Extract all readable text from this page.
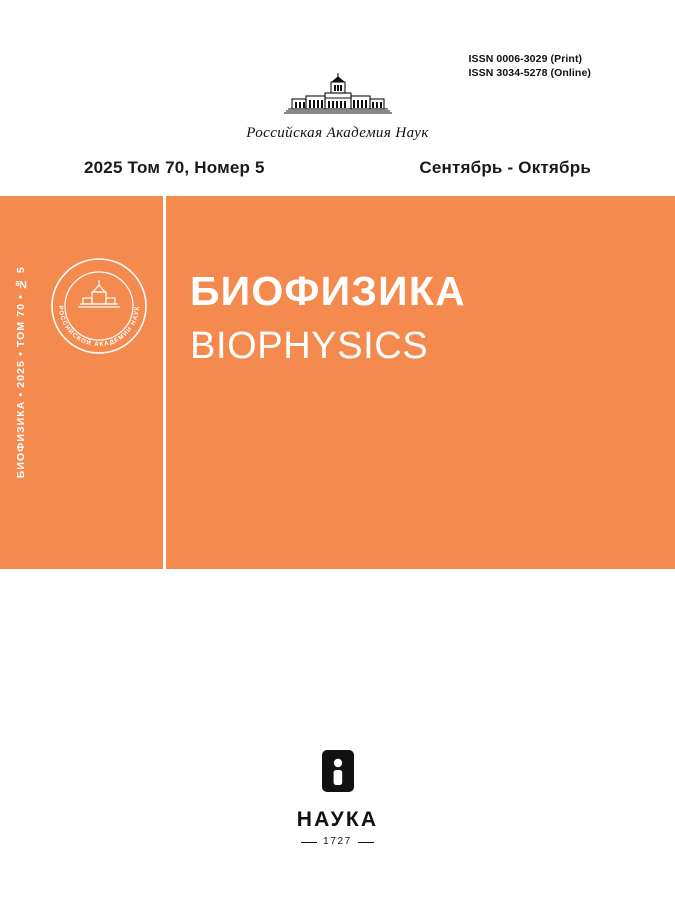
ISSN 0006-3029 (Print)
ISSN 3034-5278 (Online)
Российская Академия Наук
2025 Том 70, Номер 5	Сентябрь - Октябрь
БИОФИЗИКА • 2025 • ТОМ 70 • № 5	РОССИЙСКОЙ АКАДЕМИИ НАУК БИОФИЗИКА
BIOPHYSICS
НАУКА
1727
